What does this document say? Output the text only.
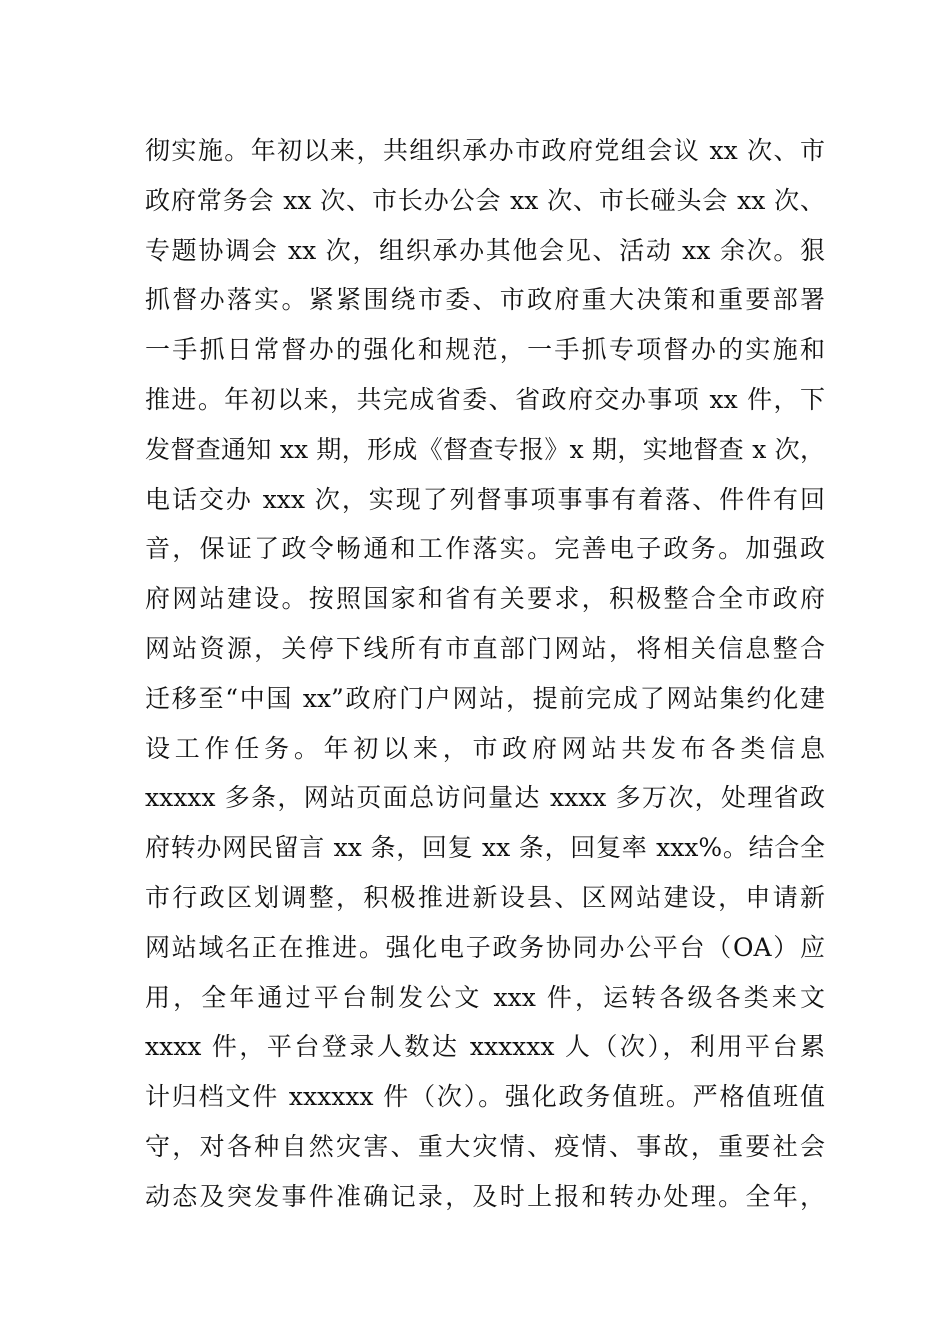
彻实施。年初以来，共组织承办市政府党组会议 xx 次、市
政府常务会 xx 次、市长办公会 xx 次、市长碰头会 xx 次、
专题协调会 xx 次，组织承办其他会见、活动 xx 余次。狠
抓督办落实。紧紧围绕市委、市政府重大决策和重要部署
一手抓日常督办的强化和规范，一手抓专项督办的实施和
推进。年初以来，共完成省委、省政府交办事项 xx 件，下
发督查通知 xx 期，形成《督查专报》x 期，实地督查 x 次，
电话交办 xxx 次，实现了列督事项事事有着落、件件有回
音，保证了政令畅通和工作落实。完善电子政务。加强政
府网站建设。按照国家和省有关要求，积极整合全市政府
网站资源，关停下线所有市直部门网站，将相关信息整合
迁移至“中国 xx”政府门户网站，提前完成了网站集约化建
设工作任务。年初以来，市政府网站共发布各类信息
xxxxx 多条，网站页面总访问量达 xxxx 多万次，处理省政
府转办网民留言 xx 条，回复 xx 条，回复率 xxx%。结合全
市行政区划调整，积极推进新设县、区网站建设，申请新
网站域名正在推进。强化电子政务协同办公平台（OA）应
用，全年通过平台制发公文 xxx 件，运转各级各类来文
xxxx 件，平台登录人数达 xxxxxx 人（次），利用平台累
计归档文件 xxxxxx 件（次）。强化政务值班。严格值班值
守，对各种自然灾害、重大灾情、疫情、事故，重要社会
动态及突发事件准确记录，及时上报和转办处理。全年，
